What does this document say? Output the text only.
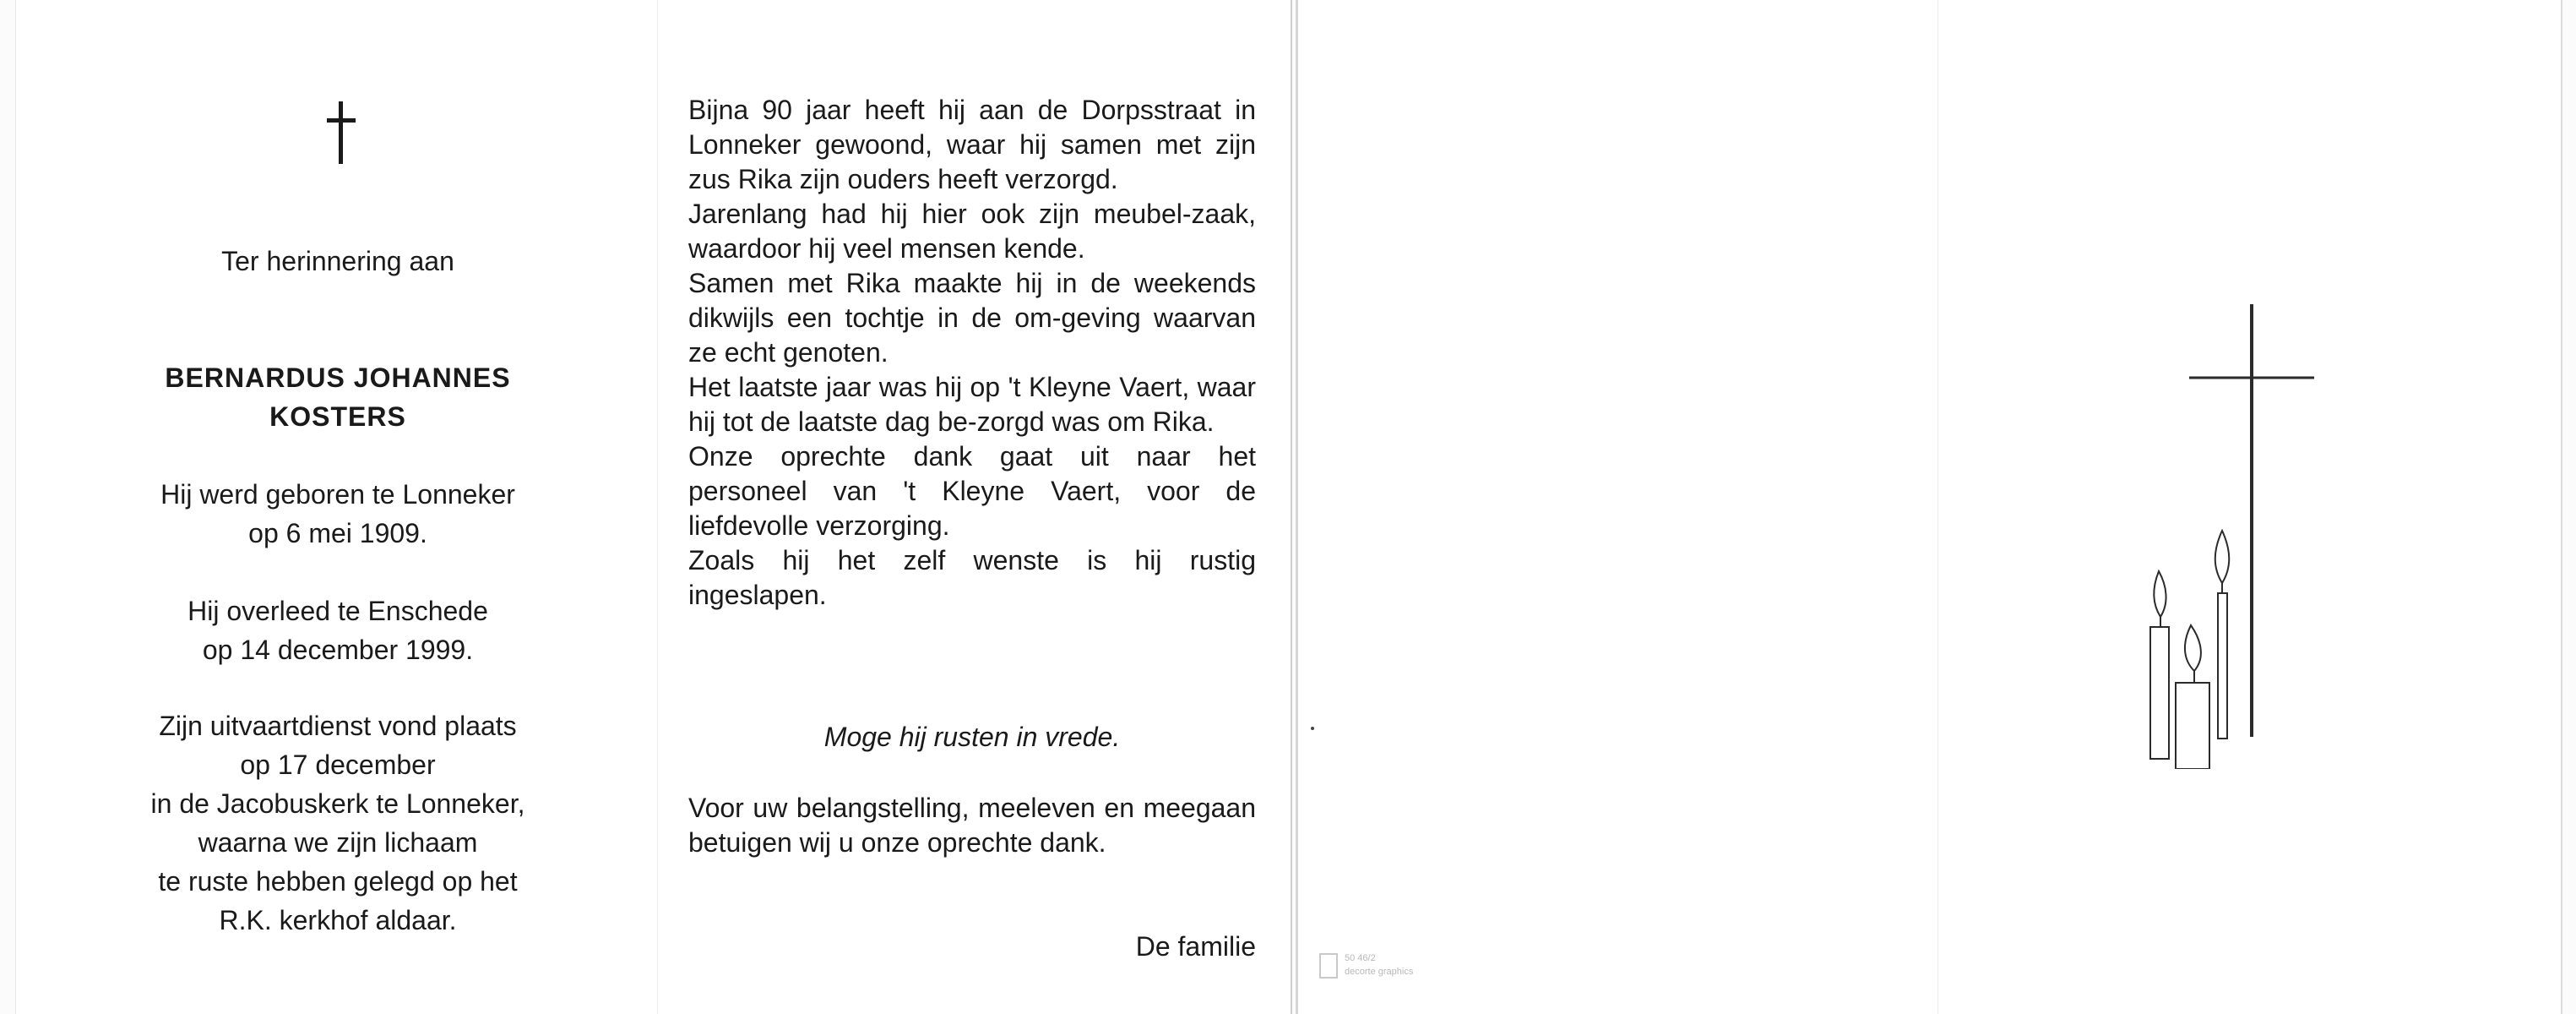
Ter herinnering aan
BERNARDUS JOHANNES
KOSTERS
Hij werd geboren te Lonneker
op 6 mei 1909.
Hij overleed te Enschede
op 14 december 1999.
Zijn uitvaartdienst vond plaats
op 17 december
in de Jacobuskerk te Lonneker,
waarna we zijn lichaam
te ruste hebben gelegd op het
R.K. kerkhof aldaar.

Bijna 90 jaar heeft hij aan de Dorpsstraat in Lonneker gewoond, waar hij samen met zijn zus Rika zijn ouders heeft verzorgd.

Jarenlang had hij hier ook zijn meubel-zaak, waardoor hij veel mensen kende.

Samen met Rika maakte hij in de weekends dikwijls een tochtje in de om-geving waarvan ze echt genoten.

Het laatste jaar was hij op 't Kleyne Vaert, waar hij tot de laatste dag be-zorgd was om Rika.

Onze oprechte dank gaat uit naar het personeel van 't Kleyne Vaert, voor de liefdevolle verzorging.

Zoals hij het zelf wenste is hij rustig ingeslapen.

Moge hij rusten in vrede.
Voor uw belangstelling, meeleven en meegaan betuigen wij u onze oprechte dank.
De familie	50 46/2
decorte graphics
